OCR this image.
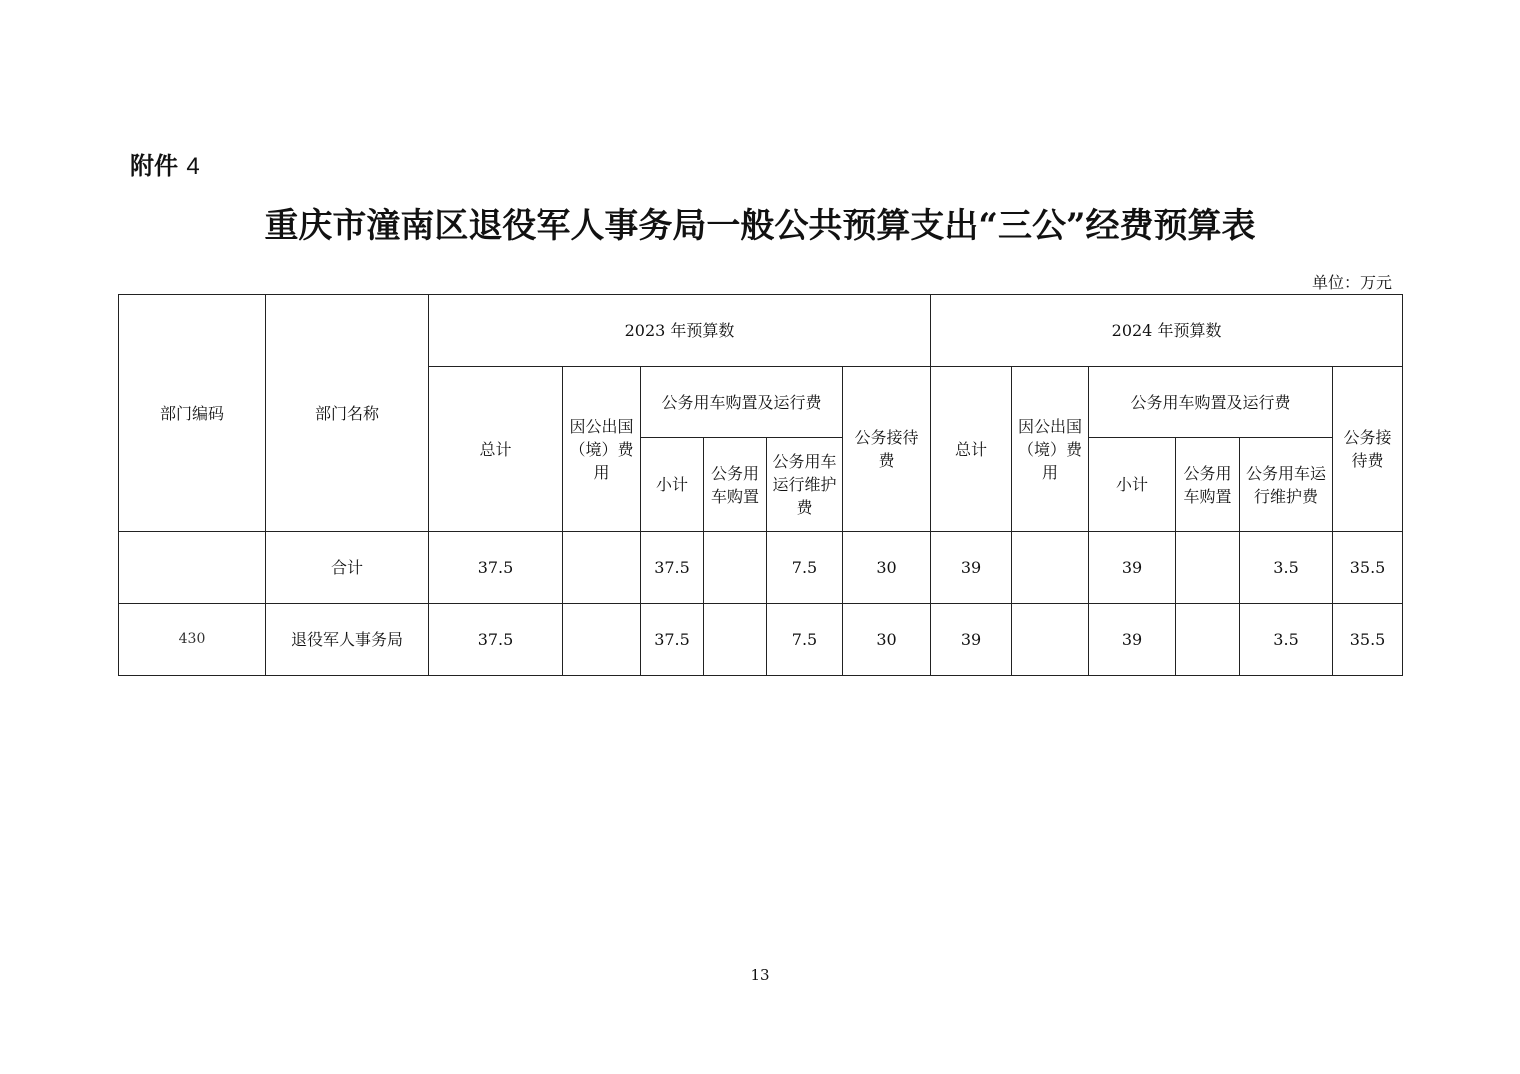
附件 4
重庆市潼南区退役军人事务局一般公共预算支出“三公”经费预算表
单位：万元
部门编码	部门名称	2023 年预算数						2024 年预算数					
		总计	因公出国（境）费用	公务用车购置及运行费			公务接待费	总计	因公出国（境）费用	公务用车购置及运行费			公务接待费
				小计	公务用车购置	公务用车运行维护费				小计	公务用车购置	公务用车运行维护费	
	合计	37.5		37.5		7.5	30	39		39		3.5	35.5
430	退役军人事务局	37.5		37.5		7.5	30	39		39		3.5	35.5
13
